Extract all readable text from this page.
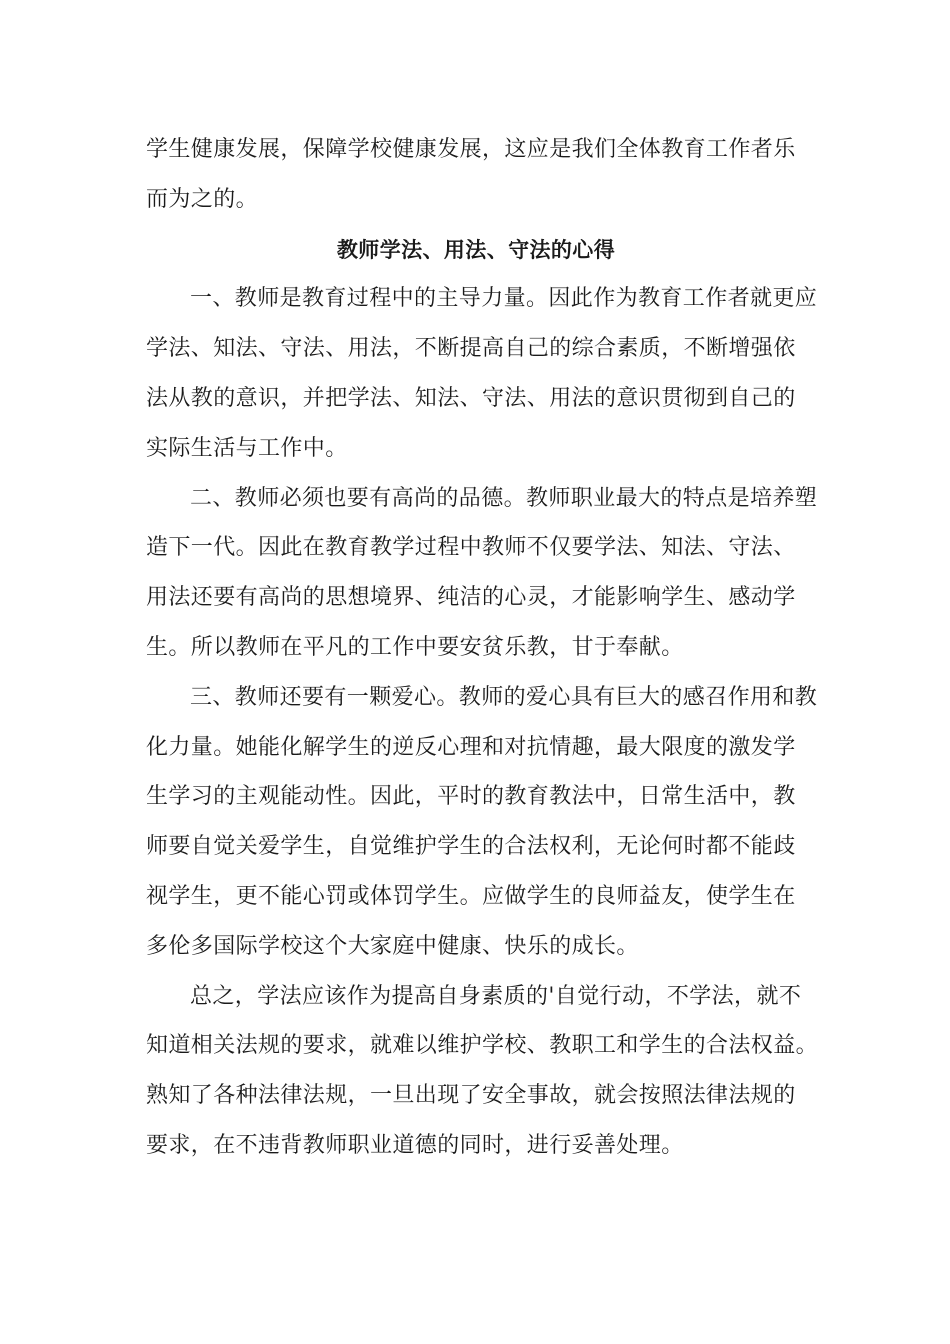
学生健康发展，保障学校健康发展，这应是我们全体教育工作者乐
而为之的。
教师学法、用法、守法的心得
一、教师是教育过程中的主导力量。因此作为教育工作者就更应
学法、知法、守法、用法，不断提高自己的综合素质，不断增强依
法从教的意识，并把学法、知法、守法、用法的意识贯彻到自己的
实际生活与工作中。
二、教师必须也要有高尚的品德。教师职业最大的特点是培养塑
造下一代。因此在教育教学过程中教师不仅要学法、知法、守法、
用法还要有高尚的思想境界、纯洁的心灵，才能影响学生、感动学
生。所以教师在平凡的工作中要安贫乐教，甘于奉献。
三、教师还要有一颗爱心。教师的爱心具有巨大的感召作用和教
化力量。她能化解学生的逆反心理和对抗情趣，最大限度的激发学
生学习的主观能动性。因此，平时的教育教法中，日常生活中，教
师要自觉关爱学生，自觉维护学生的合法权利，无论何时都不能歧
视学生，更不能心罚或体罚学生。应做学生的良师益友，使学生在
多伦多国际学校这个大家庭中健康、快乐的成长。
总之，学法应该作为提高自身素质的'自觉行动，不学法，就不
知道相关法规的要求，就难以维护学校、教职工和学生的合法权益。
熟知了各种法律法规，一旦出现了安全事故，就会按照法律法规的
要求，在不违背教师职业道德的同时，进行妥善处理。
